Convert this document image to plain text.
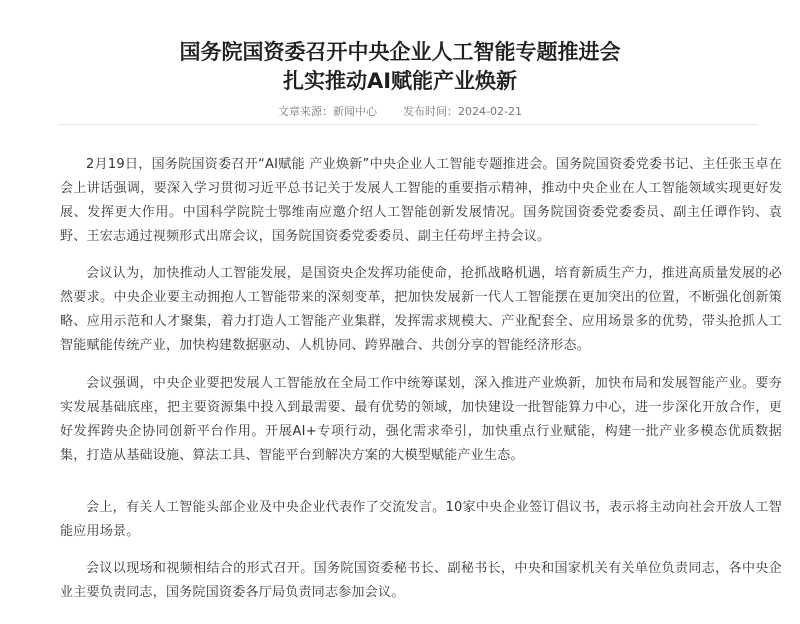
国务院国资委召开中央企业人工智能专题推进会
扎实推动AI赋能产业焕新
文章来源：新闻中心 发布时间：2024-02-21

2月19日，国务院国资委召开“AI赋能 产业焕新”中央企业人工智能专题推进会。国务院国资委党委书记、主任张玉卓在会上讲话强调，要深入学习贯彻习近平总书记关于发展人工智能的重要指示精神，推动中央企业在人工智能领域实现更好发展、发挥更大作用。中国科学院院士鄂维南应邀介绍人工智能创新发展情况。国务院国资委党委委员、副主任谭作钧、袁野、王宏志通过视频形式出席会议，国务院国资委党委委员、副主任苟坪主持会议。

会议认为，加快推动人工智能发展，是国资央企发挥功能使命，抢抓战略机遇，培育新质生产力，推进高质量发展的必然要求。中央企业要主动拥抱人工智能带来的深刻变革，把加快发展新一代人工智能摆在更加突出的位置，不断强化创新策略、应用示范和人才聚集，着力打造人工智能产业集群，发挥需求规模大、产业配套全、应用场景多的优势，带头抢抓人工智能赋能传统产业，加快构建数据驱动、人机协同、跨界融合、共创分享的智能经济形态。

会议强调，中央企业要把发展人工智能放在全局工作中统筹谋划，深入推进产业焕新，加快布局和发展智能产业。要夯实发展基础底座，把主要资源集中投入到最需要、最有优势的领域，加快建设一批智能算力中心，进一步深化开放合作，更好发挥跨央企协同创新平台作用。开展AI+专项行动，强化需求牵引，加快重点行业赋能，构建一批产业多模态优质数据集，打造从基础设施、算法工具、智能平台到解决方案的大模型赋能产业生态。

会上，有关人工智能头部企业及中央企业代表作了交流发言。10家中央企业签订倡议书，表示将主动向社会开放人工智能应用场景。

会议以现场和视频相结合的形式召开。国务院国资委秘书长、副秘书长，中央和国家机关有关单位负责同志，各中央企业主要负责同志，国务院国资委各厅局负责同志参加会议。
